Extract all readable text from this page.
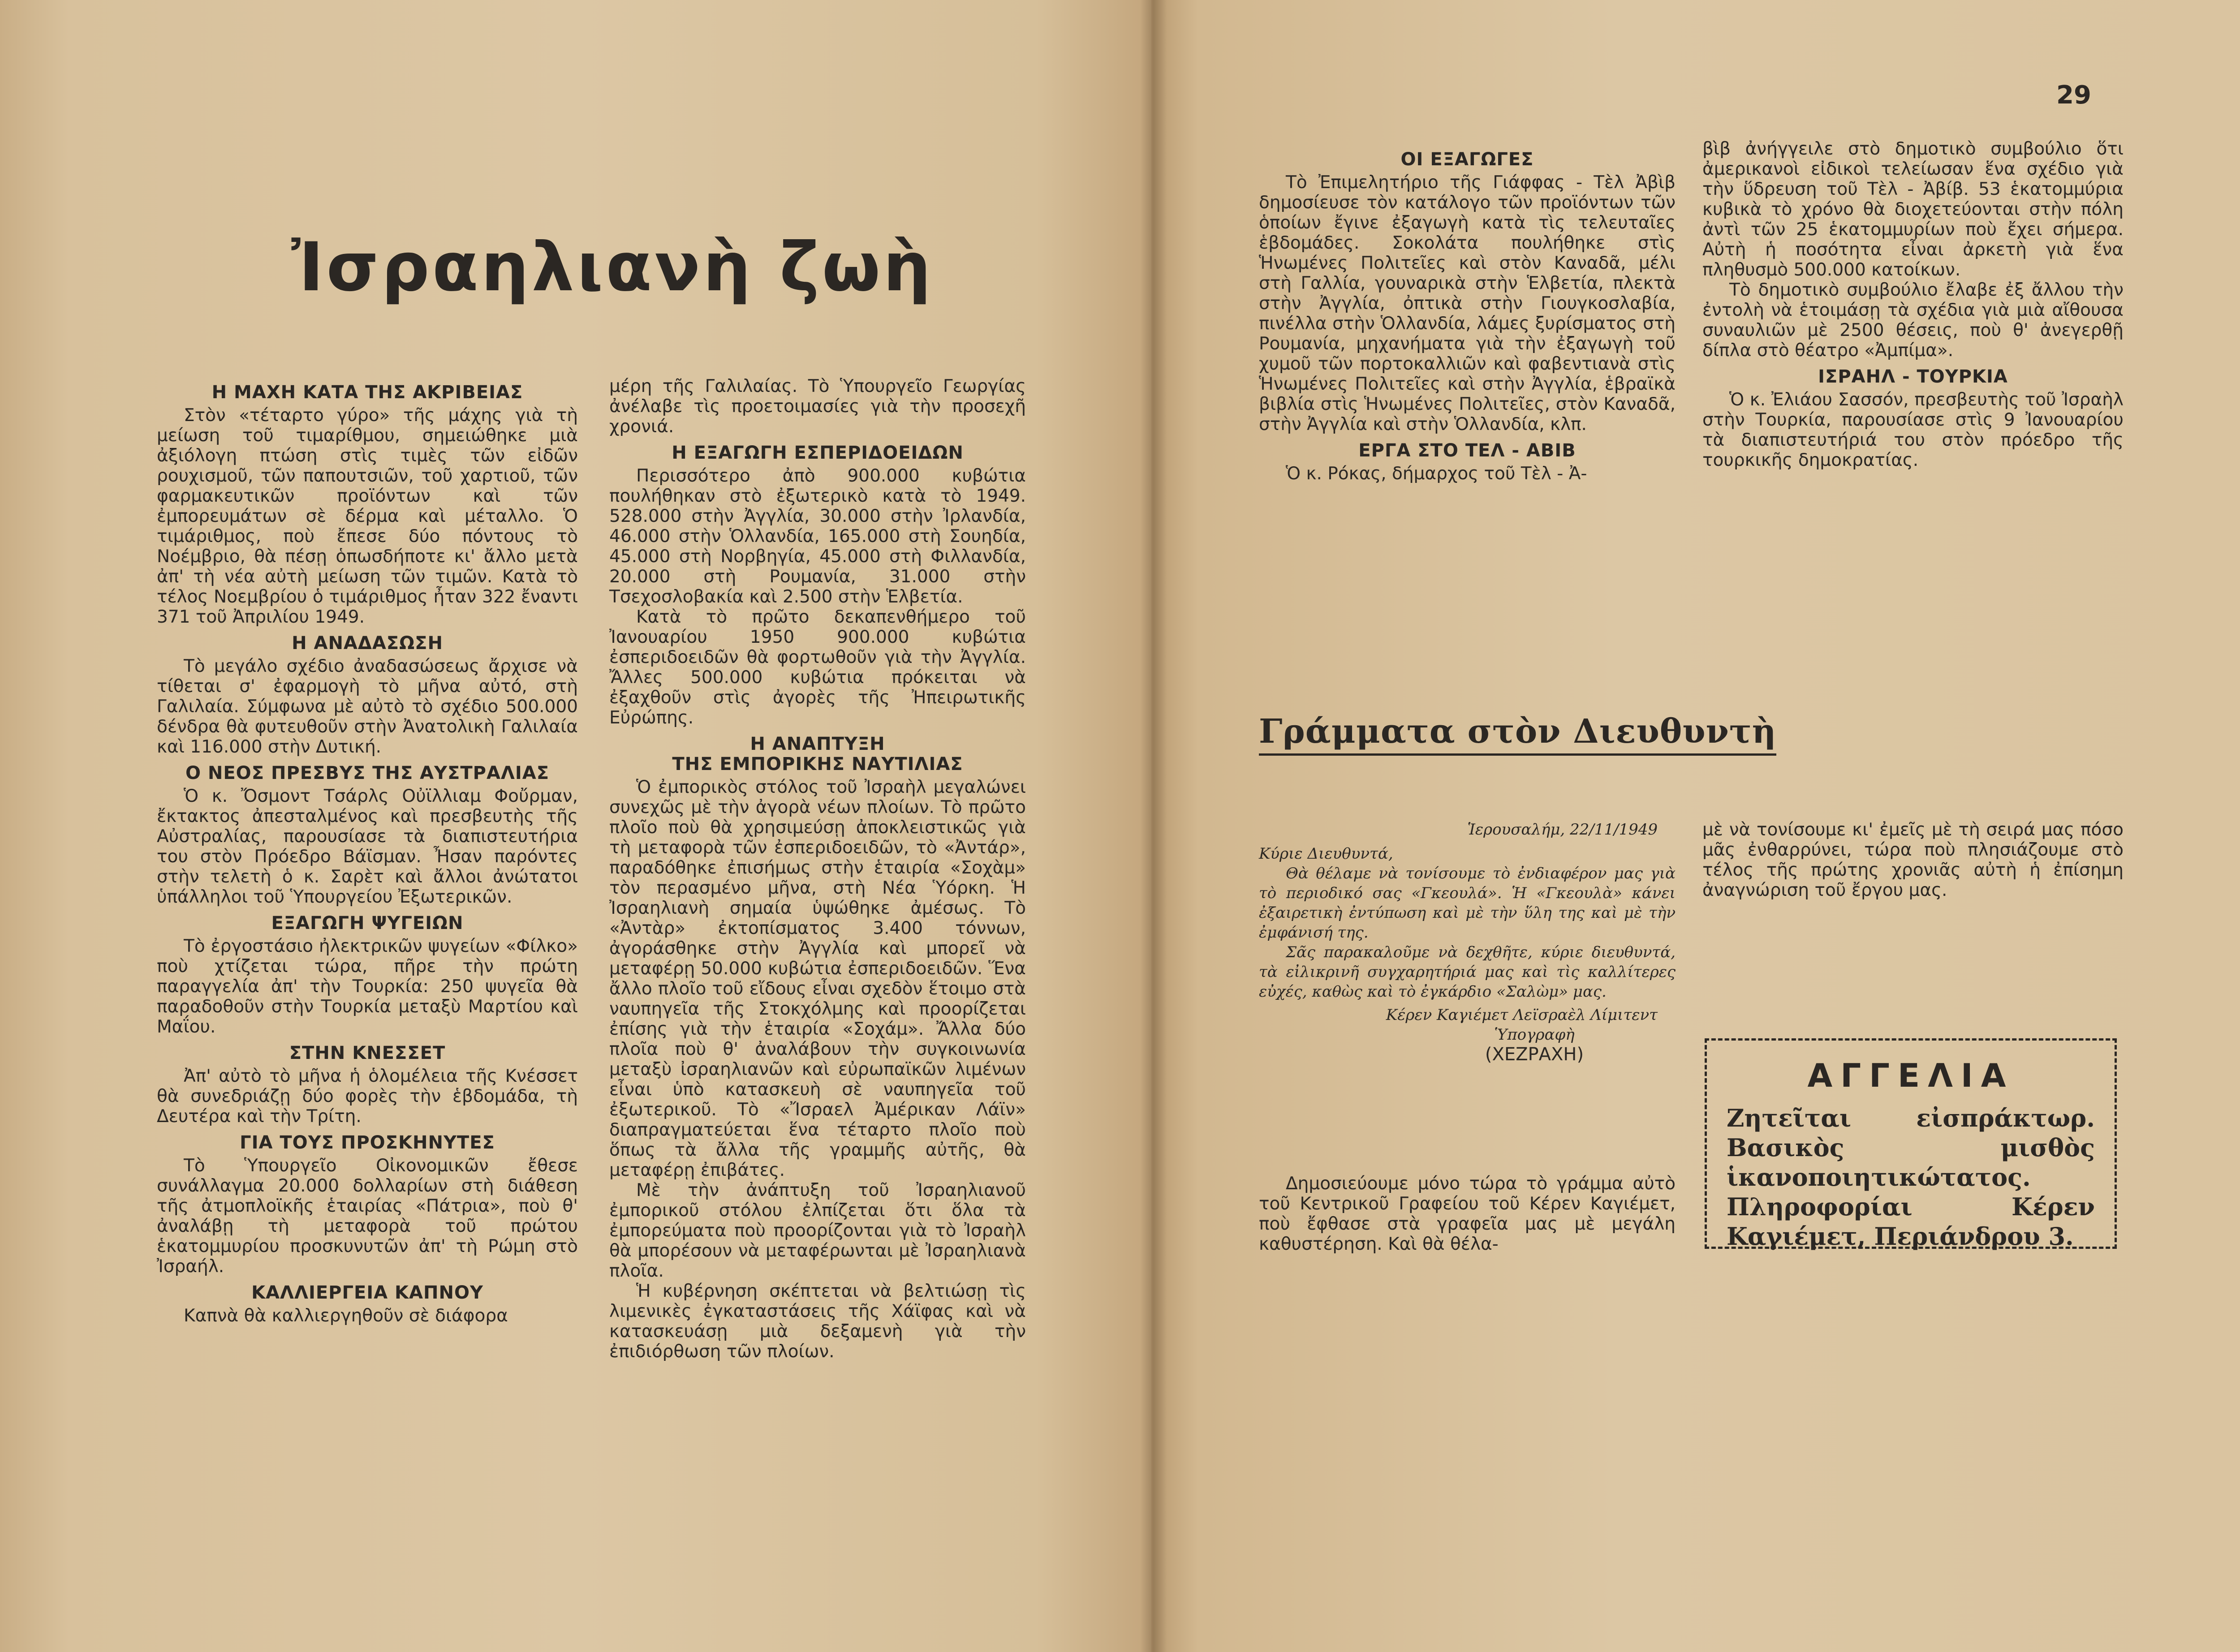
29
Ἰσραηλιανὴ ζωὴ
Η ΜΑΧΗ ΚΑΤΑ ΤΗΣ ΑΚΡΙΒΕΙΑΣ

Στὸν «τέταρτο γύρο» τῆς μάχης γιὰ τὴ μείωση τοῦ τιμαρίθμου, σημειώθηκε μιὰ ἀξιόλογη πτώση στὶς τιμὲς τῶν εἰδῶν ρουχισμοῦ, τῶν παπουτσιῶν, τοῦ χαρτιοῦ, τῶν φαρμακευτικῶν προϊόντων καὶ τῶν ἐμπορευμάτων σὲ δέρμα καὶ μέταλλο. Ὁ τιμάριθμος, ποὺ ἔπεσε δύο πόντους τὸ Νοέμβριο, θὰ πέσῃ ὁπωσδήποτε κι' ἄλλο μετὰ ἀπ' τὴ νέα αὐτὴ μείωση τῶν τιμῶν. Κατὰ τὸ τέλος Νοεμβρίου ὁ τιμάριθμος ἦταν 322 ἔναντι 371 τοῦ Ἀπριλίου 1949.

Η ΑΝΑΔΑΣΩΣΗ

Τὸ μεγάλο σχέδιο ἀναδασώσεως ἄρχισε νὰ τίθεται σ' ἐφαρμογὴ τὸ μῆνα αὐτό, στὴ Γαλιλαία. Σύμφωνα μὲ αὐτὸ τὸ σχέδιο 500.000 δένδρα θὰ φυτευθοῦν στὴν Ἀνατολικὴ Γαλιλαία καὶ 116.000 στὴν Δυτική.

Ο ΝΕΟΣ ΠΡΕΣΒΥΣ ΤΗΣ ΑΥΣΤΡΑΛΙΑΣ

Ὁ κ. Ὄσμοντ Τσάρλς Οὐϊλλιαμ Φοὔρμαν, ἔκτακτος ἀπεσταλμένος καὶ πρεσβευτὴς τῆς Αὐστραλίας, παρουσίασε τὰ διαπιστευτήρια του στὸν Πρόεδρο Βάϊσμαν. Ἦσαν παρόντες στὴν τελετὴ ὁ κ. Σαρὲτ καὶ ἄλλοι ἀνώτατοι ὑπάλληλοι τοῦ Ὑπουργείου Ἐξωτερικῶν.

ΕΞΑΓΩΓΗ ΨΥΓΕΙΩΝ

Τὸ ἐργοστάσιο ἠλεκτρικῶν ψυγείων «Φίλκο» ποὺ χτίζεται τώρα, πῆρε τὴν πρώτη παραγγελία ἀπ' τὴν Τουρκία: 250 ψυγεῖα θὰ παραδοθοῦν στὴν Τουρκία μεταξὺ Μαρτίου καὶ Μαΐου.

ΣΤΗΝ ΚΝΕΣΣΕΤ

Ἀπ' αὐτὸ τὸ μῆνα ἡ ὁλομέλεια τῆς Κνέσσετ θὰ συνεδριάζῃ δύο φορὲς τὴν ἑβδομάδα, τὴ Δευτέρα καὶ τὴν Τρίτη.

ΓΙΑ ΤΟΥΣ ΠΡΟΣΚΗΝΥΤΕΣ

Τὸ Ὑπουργεῖο Οἰκονομικῶν ἔθεσε συνάλλαγμα 20.000 δολλαρίων στὴ διάθεση τῆς ἀτμοπλοϊκῆς ἑταιρίας «Πάτρια», ποὺ θ' ἀναλάβῃ τὴ μεταφορὰ τοῦ πρώτου ἑκατομμυρίου προσκυνυτῶν ἀπ' τὴ Ρώμη στὸ Ἰσραήλ.

ΚΑΛΛΙΕΡΓΕΙΑ ΚΑΠΝΟΥ

Καπνὰ θὰ καλλιεργηθοῦν σὲ διάφορα

μέρη τῆς Γαλιλαίας. Τὸ Ὑπουργεῖο Γεωργίας ἀνέλαβε τὶς προετοιμασίες γιὰ τὴν προσεχῆ χρονιά.

Η ΕΞΑΓΩΓΗ ΕΣΠΕΡΙΔΟΕΙΔΩΝ

Περισσότερο ἀπὸ 900.000 κυβώτια πουλήθηκαν στὸ ἐξωτερικὸ κατὰ τὸ 1949. 528.000 στὴν Ἀγγλία, 30.000 στὴν Ἰρλανδία, 46.000 στὴν Ὁλλανδία, 165.000 στὴ Σουηδία, 45.000 στὴ Νορβηγία, 45.000 στὴ Φιλλανδία, 20.000 στὴ Ρουμανία, 31.000 στὴν Τσεχοσλοβακία καὶ 2.500 στὴν Ἑλβετία.

Κατὰ τὸ πρῶτο δεκαπενθήμερο τοῦ Ἰανουαρίου 1950 900.000 κυβώτια ἐσπεριδοειδῶν θὰ φορτωθοῦν γιὰ τὴν Ἀγγλία. Ἄλλες 500.000 κυβώτια πρόκειται νὰ ἐξαχθοῦν στὶς ἀγορὲς τῆς Ἠπειρωτικῆς Εὐρώπης.

Η ΑΝΑΠΤΥΞΗ
ΤΗΣ ΕΜΠΟΡΙΚΗΣ ΝΑΥΤΙΛΙΑΣ

Ὁ ἐμπορικὸς στόλος τοῦ Ἰσραὴλ μεγαλώνει συνεχῶς μὲ τὴν ἀγορὰ νέων πλοίων. Τὸ πρῶτο πλοῖο ποὺ θὰ χρησιμεύσῃ ἀποκλειστικῶς γιὰ τὴ μεταφορὰ τῶν ἐσπεριδοειδῶν, τὸ «Ἀντάρ», παραδόθηκε ἐπισήμως στὴν ἑταιρία «Σοχὰμ» τὸν περασμένο μῆνα, στὴ Νέα Ὑόρκη. Ἡ Ἰσραηλιανὴ σημαία ὑψώθηκε ἀμέσως. Τὸ «Ἀντὰρ» ἐκτοπίσματος 3.400 τόννων, ἀγοράσθηκε στὴν Ἀγγλία καὶ μπορεῖ νὰ μεταφέρῃ 50.000 κυβώτια ἐσπεριδοειδῶν. Ἕνα ἄλλο πλοῖο τοῦ εἴδους εἶναι σχεδὸν ἕτοιμο στὰ ναυπηγεῖα τῆς Στοκχόλμης καὶ προορίζεται ἐπίσης γιὰ τὴν ἑταιρία «Σοχάμ». Ἄλλα δύο πλοῖα ποὺ θ' ἀναλάβουν τὴν συγκοινωνία μεταξὺ ἰσραηλιανῶν καὶ εὐρωπαϊκῶν λιμένων εἶναι ὑπὸ κατασκευὴ σὲ ναυπηγεῖα τοῦ ἐξωτερικοῦ. Τὸ «Ἴσραελ Ἀμέρικαν Λάϊν» διαπραγματεύεται ἕνα τέταρτο πλοῖο ποὺ ὅπως τὰ ἄλλα τῆς γραμμῆς αὐτῆς, θὰ μεταφέρῃ ἐπιβάτες.

Μὲ τὴν ἀνάπτυξη τοῦ Ἰσραηλιανοῦ ἐμπορικοῦ στόλου ἐλπίζεται ὅτι ὅλα τὰ ἐμπορεύματα ποὺ προορίζονται γιὰ τὸ Ἰσραὴλ θὰ μπορέσουν νὰ μεταφέρωνται μὲ Ἰσραηλιανὰ πλοῖα.

Ἡ κυβέρνηση σκέπτεται νὰ βελτιώσῃ τὶς λιμενικὲς ἐγκαταστάσεις τῆς Χάϊφας καὶ νὰ κατασκευάσῃ μιὰ δεξαμενὴ γιὰ τὴν ἐπιδιόρθωση τῶν πλοίων.

ΟΙ ΕΞΑΓΩΓΕΣ

Τὸ Ἐπιμελητήριο τῆς Γιάφφας - Τὲλ Ἀβὶβ δημοσίευσε τὸν κατάλογο τῶν προϊόντων τῶν ὁποίων ἔγινε ἐξαγωγὴ κατὰ τὶς τελευταῖες ἑβδομάδες. Σοκολάτα πουλήθηκε στὶς Ἡνωμένες Πολιτεῖες καὶ στὸν Καναδᾶ, μέλι στὴ Γαλλία, γουναρικὰ στὴν Ἑλβετία, πλεκτὰ στὴν Ἀγγλία, ὀπτικὰ στὴν Γιουγκοσλαβία, πινέλλα στὴν Ὁλλανδία, λάμες ξυρίσματος στὴ Ρουμανία, μηχανήματα γιὰ τὴν ἐξαγωγὴ τοῦ χυμοῦ τῶν πορτοκαλλιῶν καὶ φαβεντιανὰ στὶς Ἡνωμένες Πολιτεῖες καὶ στὴν Ἀγγλία, ἑβραϊκὰ βιβλία στὶς Ἡνωμένες Πολιτεῖες, στὸν Καναδᾶ, στὴν Ἀγγλία καὶ στὴν Ὁλλανδία, κλπ.

ΕΡΓΑ ΣΤΟ ΤΕΛ - ΑΒΙΒ

Ὁ κ. Ρόκας, δήμαρχος τοῦ Τὲλ - Ἀ-

βὶβ ἀνήγγειλε στὸ δημοτικὸ συμβούλιο ὅτι ἀμερικανοὶ εἰδικοὶ τελείωσαν ἕνα σχέδιο γιὰ τὴν ὕδρευση τοῦ Τὲλ - Ἀβίβ. 53 ἑκατομμύρια κυβικὰ τὸ χρόνο θὰ διοχετεύονται στὴν πόλη ἀντὶ τῶν 25 ἑκατομμυρίων ποὺ ἔχει σήμερα. Αὐτὴ ἡ ποσότητα εἶναι ἀρκετὴ γιὰ ἕνα πληθυσμὸ 500.000 κατοίκων.

Τὸ δημοτικὸ συμβούλιο ἔλαβε ἐξ ἄλλου τὴν ἐντολὴ νὰ ἑτοιμάσῃ τὰ σχέδια γιὰ μιὰ αἴθουσα συναυλιῶν μὲ 2500 θέσεις, ποὺ θ' ἀνεγερθῇ δίπλα στὸ θέατρο «Ἀμπίμα».

ΙΣΡΑΗΛ - ΤΟΥΡΚΙΑ

Ὁ κ. Ἐλιάου Σασσόν, πρεσβευτὴς τοῦ Ἰσραὴλ στὴν Τουρκία, παρουσίασε στὶς 9 Ἰανουαρίου τὰ διαπιστευτήριά του στὸν πρόεδρο τῆς τουρκικῆς δημοκρατίας.

Γράμματα στὸν Διευθυντὴ
Ἱερουσαλήμ, 22/11/1949
Κύριε Διευθυντά,
Θὰ θέλαμε νὰ τονίσουμε τὸ ἐνδιαφέρον μας γιὰ τὸ περιοδικό σας «Γκεουλά». Ἡ «Γκεουλὰ» κάνει ἐξαιρετικὴ ἐντύπωση καὶ μὲ τὴν ὕλη της καὶ μὲ τὴν ἐμφάνισή της.
Σᾶς παρακαλοῦμε νὰ δεχθῆτε, κύριε διευθυντά, τὰ εἰλικρινῆ συγχαρητήριά μας καὶ τὶς καλλίτερες εὐχές, καθὼς καὶ τὸ ἐγκάρδιο «Σαλὼμ» μας.
Κέρεν Καγιέμετ Λεϊσραὲλ Λίμιτεντ
Ὑπογραφὴ
(ΧΕΖΡΑΧΗ)

Δημοσιεύουμε μόνο τώρα τὸ γράμμα αὐτὸ τοῦ Κεντρικοῦ Γραφείου τοῦ Κέρεν Καγιέμετ, ποὺ ἔφθασε στὰ γραφεῖα μας μὲ μεγάλη καθυστέρηση. Καὶ θὰ θέλα-

μὲ νὰ τονίσουμε κι' ἐμεῖς μὲ τὴ σειρά μας πόσο μᾶς ἐνθαρρύνει, τώρα ποὺ πλησιάζουμε στὸ τέλος τῆς πρώτης χρονιᾶς αὐτὴ ἡ ἐπίσημη ἀναγνώριση τοῦ ἔργου μας.

ΑΓΓΕΛΙΑ
Ζητεῖται εἰσπράκτωρ. Βασικὸς μισθὸς ἱκανοποιητικώτατος. Πληροφορίαι Κέρεν Καγιέμετ, Περιάνδρου 3.
